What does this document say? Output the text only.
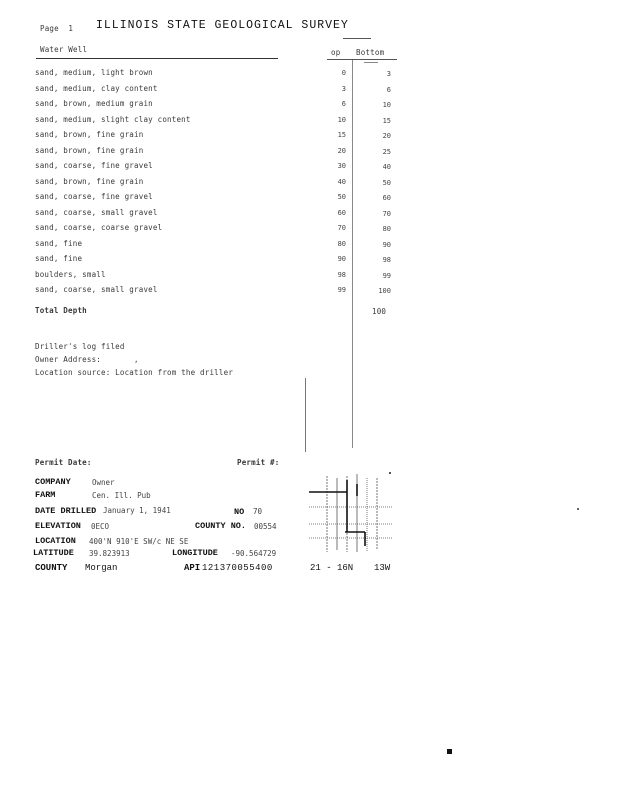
Page 1 ILLINOIS STATE GEOLOGICAL SURVEY
Water Well	op Bottom
sand, medium, light brown	0	3
sand, medium, clay content	3	6
sand, brown, medium grain	6	10
sand, medium, slight clay content	10	15
sand, brown, fine grain	15	20
sand, brown, fine grain	20	25
sand, coarse, fine gravel	30	40
sand, brown, fine grain	40	50
sand, coarse, fine gravel	50	60
sand, coarse, small gravel	60	70
sand, coarse, coarse gravel	70	80
sand, fine	80	90
sand, fine	90	98
boulders, small	98	99
sand, coarse, small gravel	99	100
Total Depth	100
Driller's log filed
Owner Address:       ,
Location source: Location from the driller
Permit Date:	Permit #:
COMPANY	Owner
FARM	Cen. Ill. Pub
DATE DRILLED January 1, 1941	NO 70
ELEVATION 0ECO	COUNTY NO. 00554
LOCATION 400'N 910'E SW/c NE SE
LATITUDE 39.823913	LONGITUDE -90.564729
COUNTY Morgan	API 121370055400	21 - 16N 13W
